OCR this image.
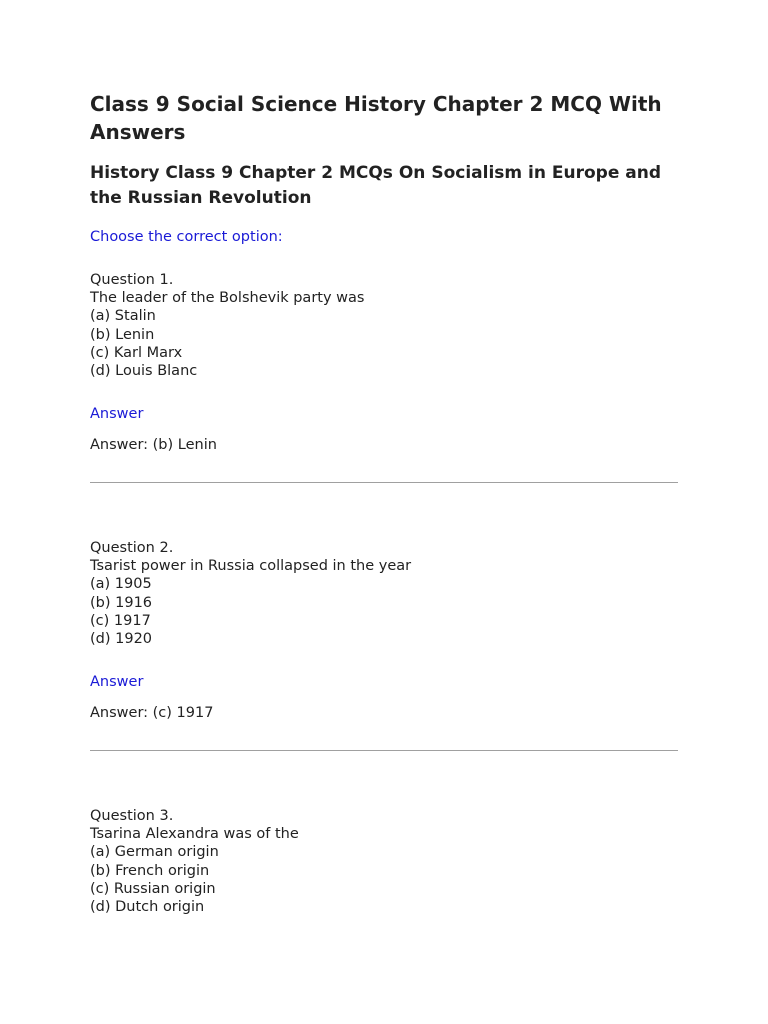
Class 9 Social Science History Chapter 2 MCQ With Answers
History Class 9 Chapter 2 MCQs On Socialism in Europe and the Russian Revolution

Choose the correct option:

Question 1.
The leader of the Bolshevik party was
(a) Stalin
(b) Lenin
(c) Karl Marx
(d) Louis Blanc
Answer
Answer: (b) Lenin
Question 2.
Tsarist power in Russia collapsed in the year
(a) 1905
(b) 1916
(c) 1917
(d) 1920
Answer
Answer: (c) 1917
Question 3.
Tsarina Alexandra was of the
(a) German origin
(b) French origin
(c) Russian origin
(d) Dutch origin
